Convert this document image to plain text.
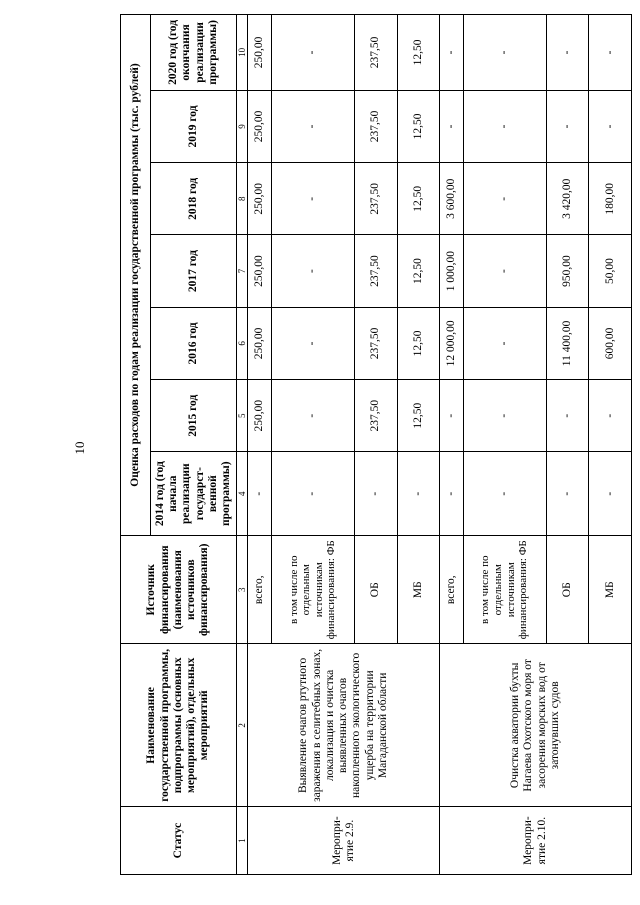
10
Статус	Наименование государственной программы, подпрограммы (основных мероприятий), отдельных мероприятий	Источник финансирования (наименования источников финансирования)	Оценка расходов по годам реализации государственной программы (тыс. рублей)						
			2014 год (год начала реализации государст-венной программы)	2015 год	2016 год	2017 год	2018 год	2019 год	2020 год (год окончания реализации программы)
1	2	3	4	5	6	7	8	9	10
Меропри-ятие 2.9.	Выявление очагов ртутного заражения в селитебных зонах, локализация и очистка выявленных очагов накопленного экологического ущерба на территории Магаданской области	всего,	-	250,00	250,00	250,00	250,00	250,00	250,00
		в том числе по отдельным источникам финансирования: ФБ	-	-	-	-	-	-	-
		ОБ	-	237,50	237,50	237,50	237,50	237,50	237,50
		МБ	-	12,50	12,50	12,50	12,50	12,50	12,50
Меропри-ятие 2.10.	Очистка акватории бухты Нагаева Охотского моря от засорения морских вод от затонувших судов	всего,	-	-	12 000,00	1 000,00	3 600,00	-	-
		в том числе по отдельным источникам финансирования: ФБ	-	-	-	-	-	-	-
		ОБ	-	-	11 400,00	950,00	3 420,00	-	-
		МБ	-	-	600,00	50,00	180,00	-	-
